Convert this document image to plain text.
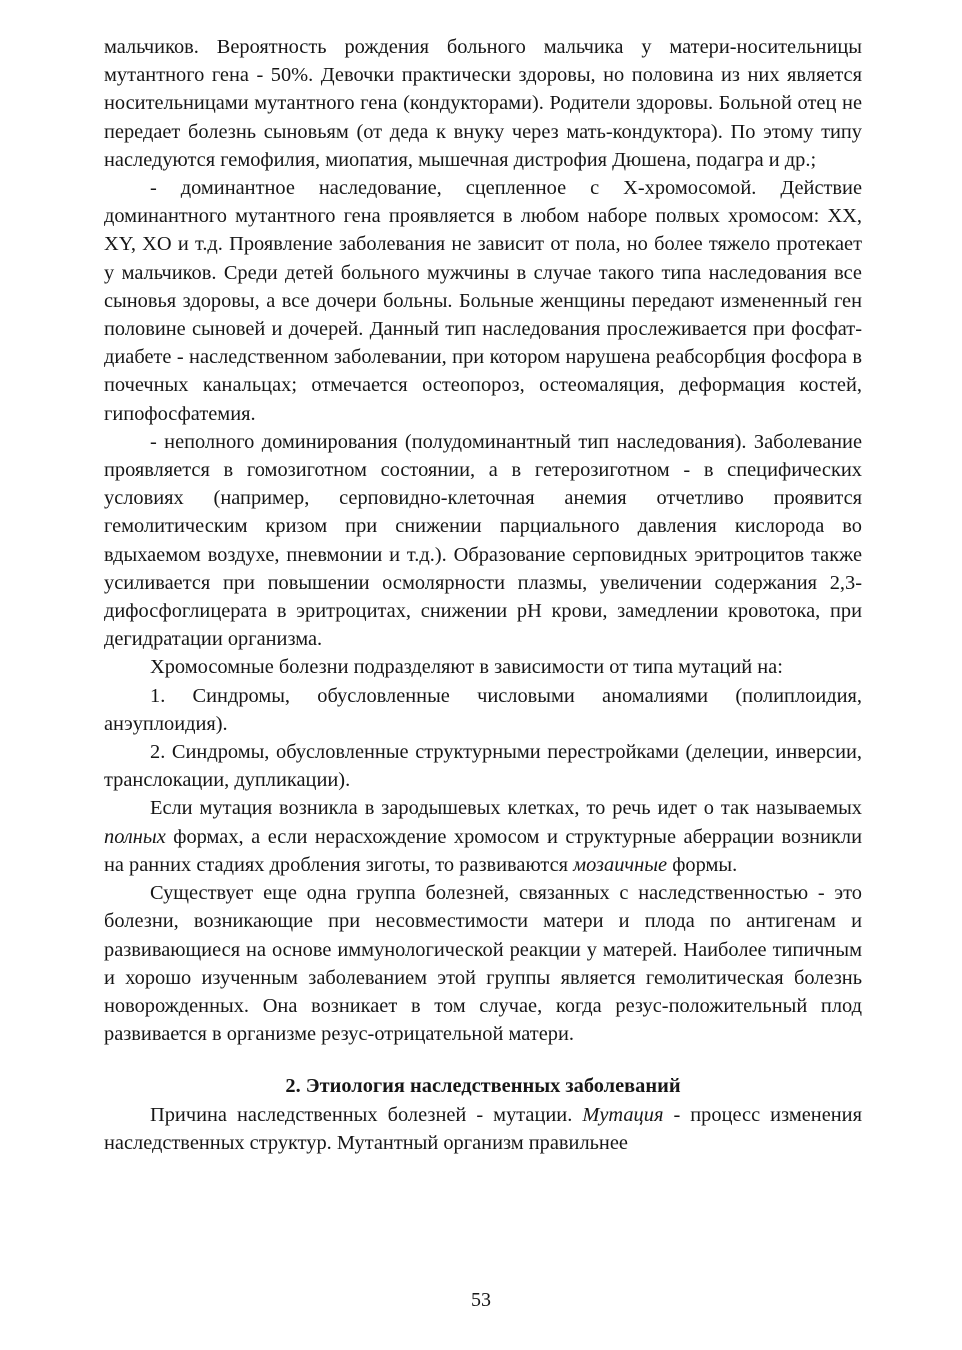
мальчиков. Вероятность рождения больного мальчика у матери-носительницы мутантного гена - 50%. Девочки практически здоровы, но половина из них является носительницами мутантного гена (кондукторами). Родители здоровы. Больной отец не передает болезнь сыновьям (от деда к внуку через мать-кондуктора). По этому типу наследуются гемофилия, миопатия, мышечная дистрофия Дюшена, подагра и др.;

- доминантное наследование, сцепленное с Х-хромосомой. Действие доминантного мутантного гена проявляется в любом наборе полвых хромосом: XX, XY, XO и т.д. Проявление заболевания не зависит от пола, но более тяжело протекает у мальчиков. Среди детей больного мужчины в случае такого типа наследования все сыновья здоровы, а все дочери больны. Больные женщины передают измененный ген половине сыновей и дочерей. Данный тип наследования прослеживается при фосфат-диабете - наследственном заболевании, при котором нарушена реабсорбция фосфора в почечных канальцах; отмечается остеопороз, остеомаляция, деформация костей, гипофосфатемия.

- неполного доминирования (полудоминантный тип наследования). Заболевание проявляется в гомозиготном состоянии, а в гетерозиготном - в специфических условиях (например, серповидно-клеточная анемия отчетливо проявится гемолитическим кризом при снижении парциального давления кислорода во вдыхаемом воздухе, пневмонии и т.д.). Образование серповидных эритроцитов также усиливается при повышении осмолярности плазмы, увеличении содержания 2,3-дифосфоглицерата в эритроцитах, снижении pH крови, замедлении кровотока, при дегидратации организма.

Хромосомные болезни подразделяют в зависимости от типа мутаций на:

1. Синдромы, обусловленные числовыми аномалиями (полиплоидия, анэуплоидия).

2. Синдромы, обусловленные структурными перестройками (делеции, инверсии, транслокации, дупликации).

Если мутация возникла в зародышевых клетках, то речь идет о так называемых полных формах, а если нерасхождение хромосом и структурные аберрации возникли на ранних стадиях дробления зиготы, то развиваются мозаичные формы.

Существует еще одна группа болезней, связанных с наследственностью - это болезни, возникающие при несовместимости матери и плода по антигенам и развивающиеся на основе иммунологической реакции у матерей. Наиболее типичным и хорошо изученным заболеванием этой группы является гемолитическая болезнь новорожденных. Она возникает в том случае, когда резус-положительный плод развивается в организме резус-отрицательной матери.

2. Этиология наследственных заболеваний

Причина наследственных болезней - мутации. Мутация - процесс изменения наследственных структур. Мутантный организм правильнее

53
